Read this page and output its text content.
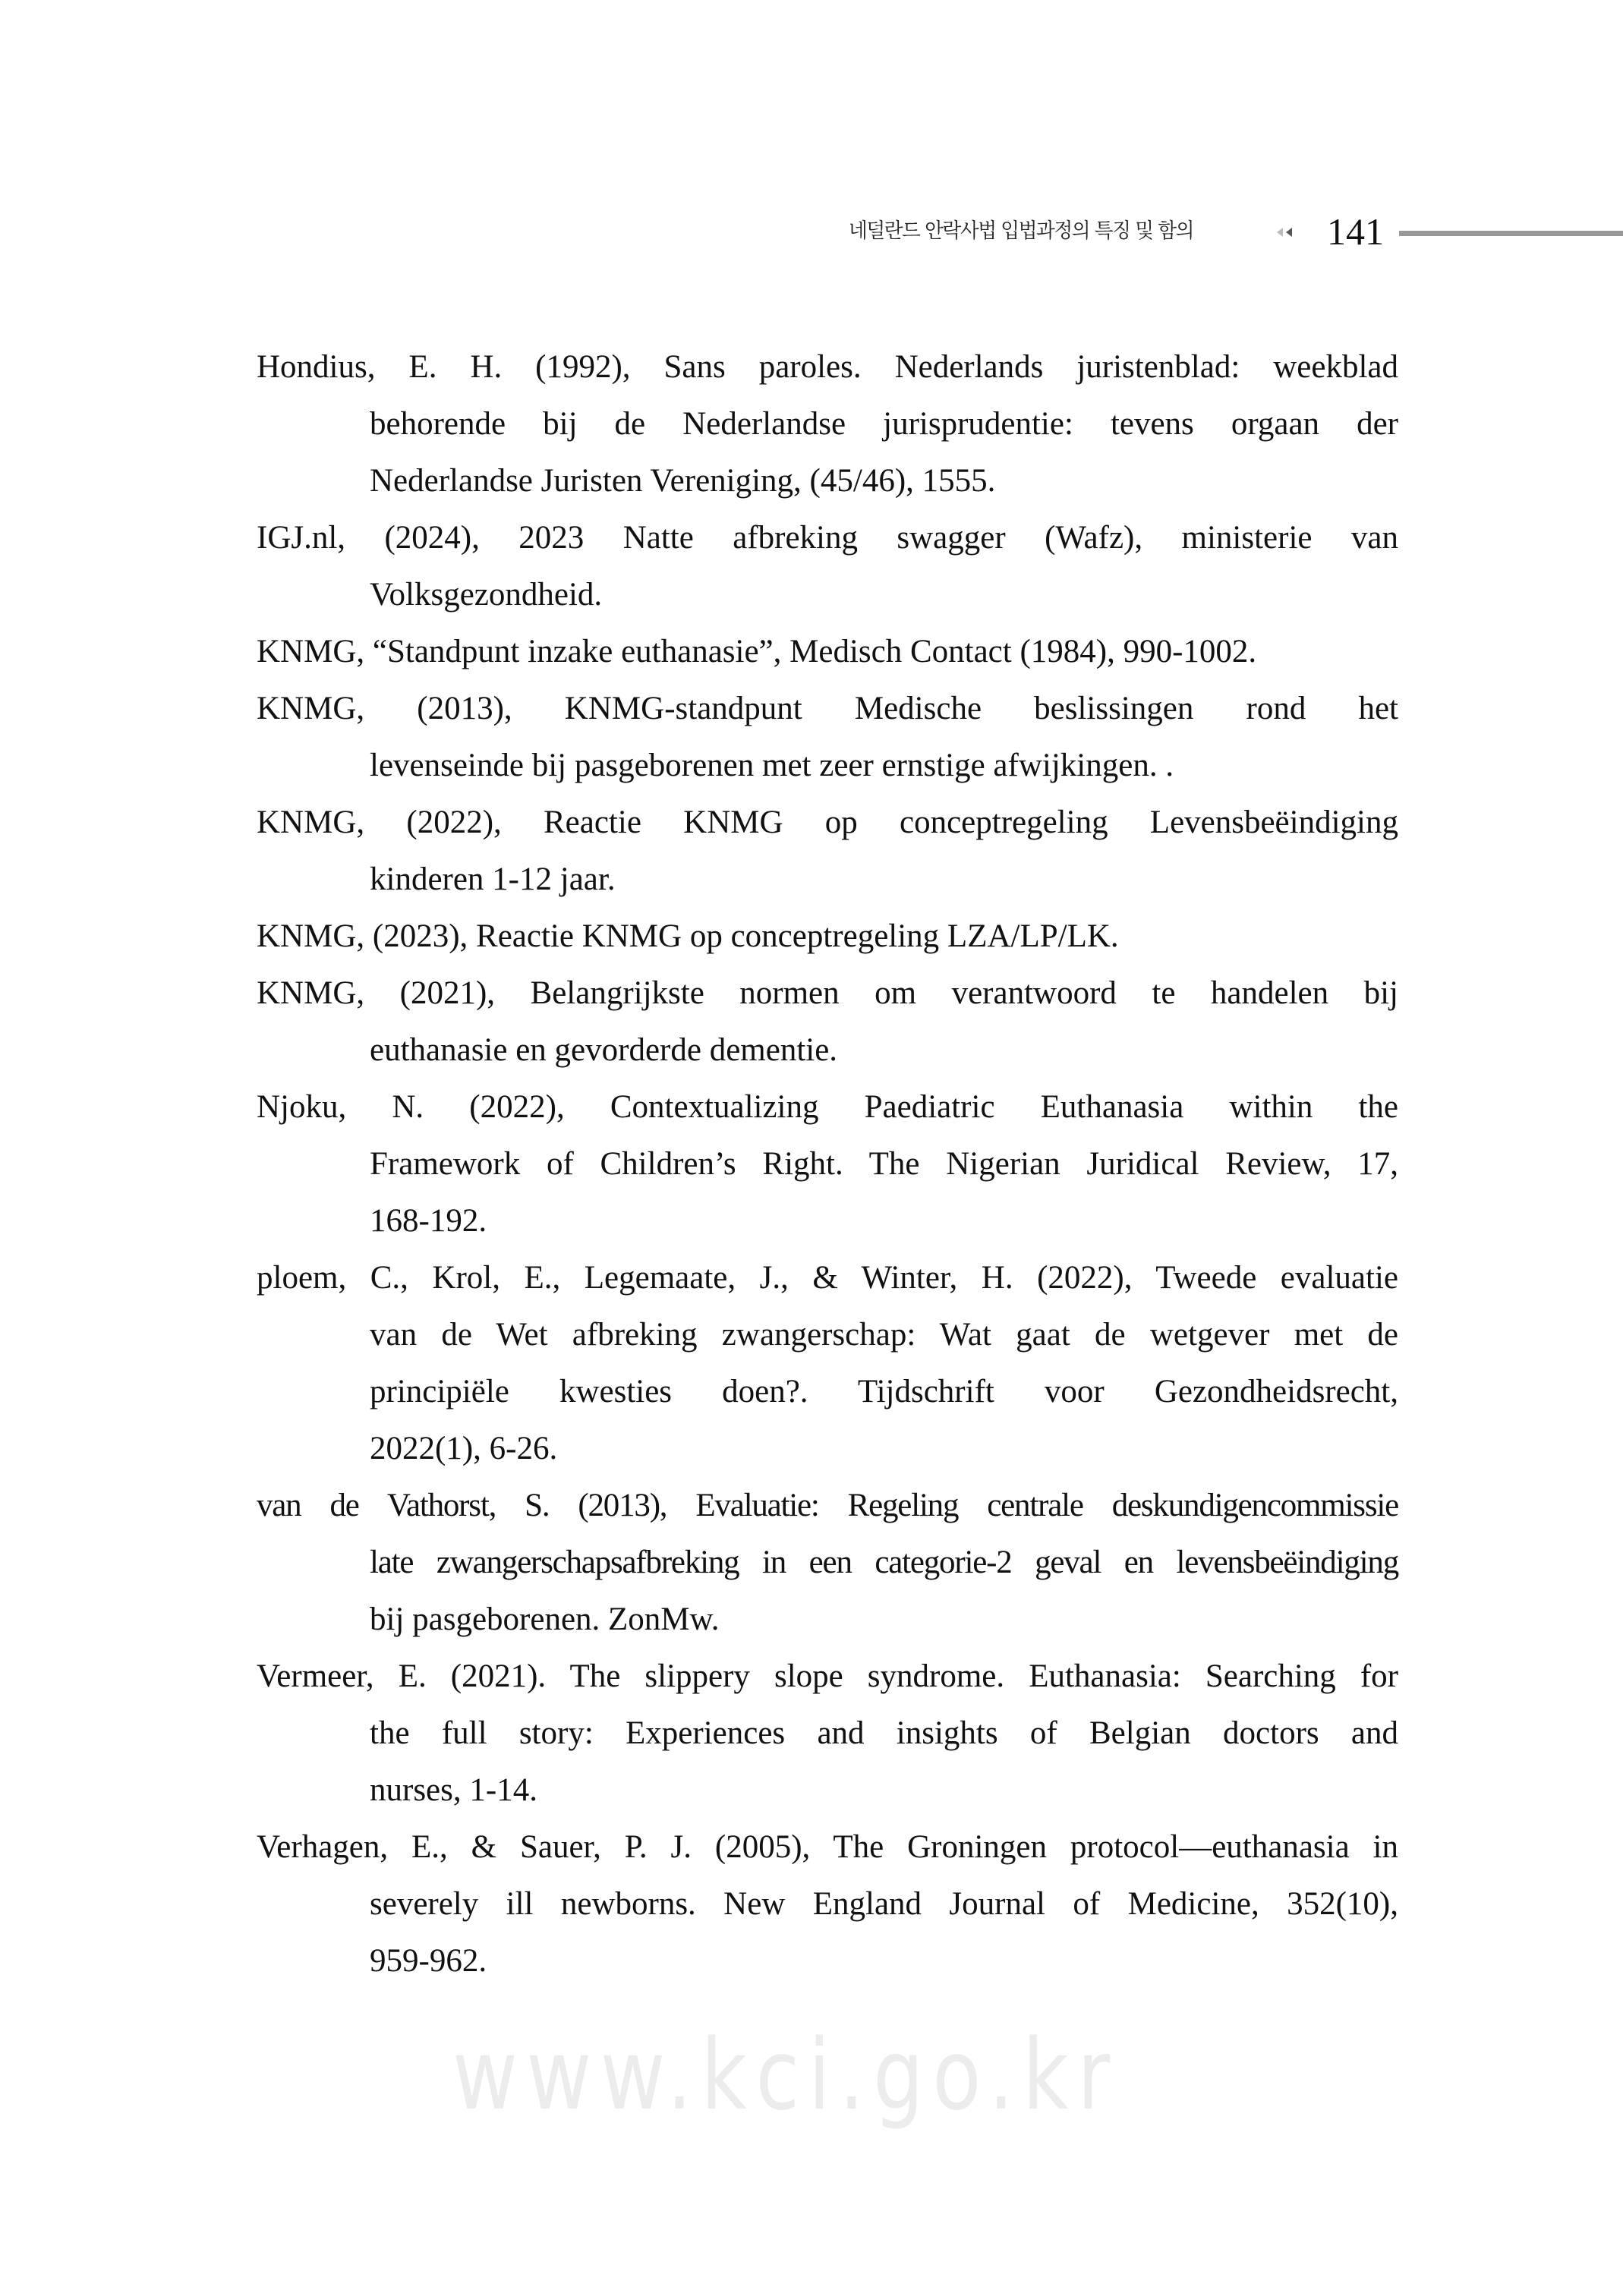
네덜란드 안락사법 입법과정의 특징 및 함의	141
Hondius, E. H. (1992), Sans paroles. Nederlands juristenblad: weekblad
behorende bij de Nederlandse jurisprudentie: tevens orgaan der
Nederlandse Juristen Vereniging, (45/46), 1555.
IGJ.nl, (2024), 2023 Natte afbreking swagger (Wafz), ministerie van
Volksgezondheid.
KNMG, “Standpunt inzake euthanasie”, Medisch Contact (1984), 990-1002.
KNMG, (2013), KNMG-standpunt Medische beslissingen rond het
levenseinde bij pasgeborenen met zeer ernstige afwijkingen. .
KNMG, (2022), Reactie KNMG op conceptregeling Levensbeëindiging
kinderen 1-12 jaar.
KNMG, (2023), Reactie KNMG op conceptregeling LZA/LP/LK.
KNMG, (2021), Belangrijkste normen om verantwoord te handelen bij
euthanasie en gevorderde dementie.
Njoku, N. (2022), Contextualizing Paediatric Euthanasia within the
Framework of Children’s Right. The Nigerian Juridical Review, 17,
168-192.
ploem, C., Krol, E., Legemaate, J., & Winter, H. (2022), Tweede evaluatie
van de Wet afbreking zwangerschap: Wat gaat de wetgever met de
principiële kwesties doen?. Tijdschrift voor Gezondheidsrecht,
2022(1), 6-26.
van de Vathorst, S. (2013), Evaluatie: Regeling centrale deskundigencommissie
late zwangerschapsafbreking in een categorie-2 geval en levensbeëindiging
bij pasgeborenen. ZonMw.
Vermeer, E. (2021). The slippery slope syndrome. Euthanasia: Searching for
the full story: Experiences and insights of Belgian doctors and
nurses, 1-14.
Verhagen, E., & Sauer, P. J. (2005), The Groningen protocol—euthanasia in
severely ill newborns. New England Journal of Medicine, 352(10),
959-962.
www.kci.go.kr
